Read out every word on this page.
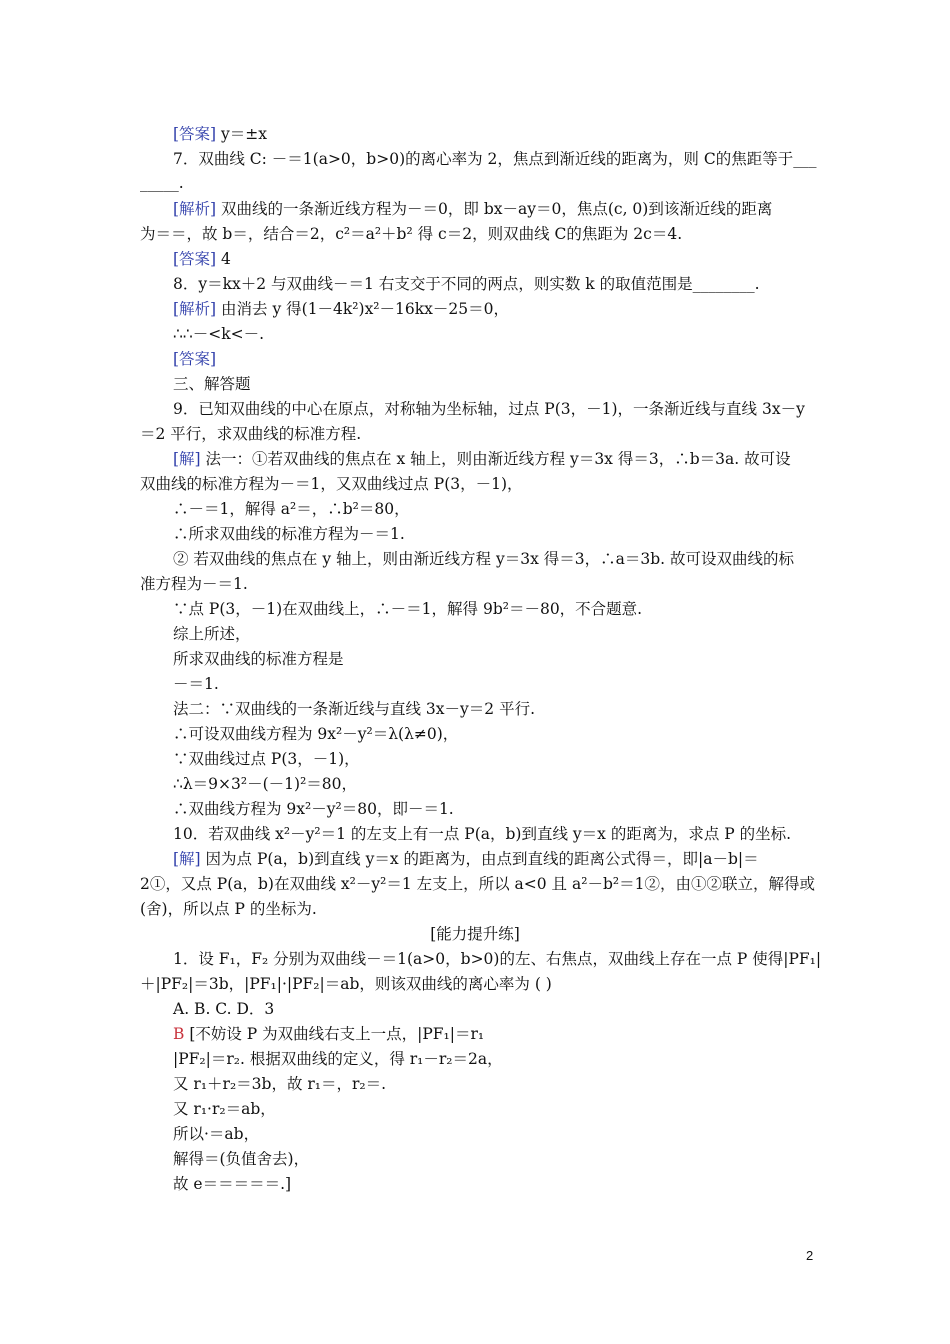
[答案] y＝±x
7．双曲线 C: －＝1(a>0，b>0)的离心率为 2，焦点到渐近线的距离为，则 C的焦距等于___
_____.
[解析] 双曲线的一条渐近线方程为－＝0，即 bx－ay＝0，焦点(c, 0)到该渐近线的距离
为＝＝，故 b＝，结合＝2，c²＝a²＋b² 得 c＝2，则双曲线 C的焦距为 2c＝4.
[答案] 4
8．y＝kx＋2 与双曲线－＝1 右支交于不同的两点，则实数 k 的取值范围是________.
[解析] 由消去 y 得(1－4k²)x²－16kx－25＝0，
∴∴－<k<－.
[答案]
三、解答题
9．已知双曲线的中心在原点，对称轴为坐标轴，过点 P(3，－1)，一条渐近线与直线 3x－y
＝2 平行，求双曲线的标准方程.
[解] 法一：①若双曲线的焦点在 x 轴上，则由渐近线方程 y＝3x 得＝3，∴b＝3a. 故可设
双曲线的标准方程为－＝1，又双曲线过点 P(3，－1)，
∴－＝1，解得 a²＝，∴b²＝80，
∴所求双曲线的标准方程为－＝1.
② 若双曲线的焦点在 y 轴上，则由渐近线方程 y＝3x 得＝3，∴a＝3b. 故可设双曲线的标
准方程为－＝1.
∵点 P(3，－1)在双曲线上，∴－＝1，解得 9b²＝－80，不合题意.
综上所述，
所求双曲线的标准方程是
－＝1.
法二：∵双曲线的一条渐近线与直线 3x－y＝2 平行.
∴可设双曲线方程为 9x²－y²＝λ(λ≠0)，
∵双曲线过点 P(3，－1)，
∴λ＝9×3²－(－1)²＝80，
∴双曲线方程为 9x²－y²＝80，即－＝1.
10．若双曲线 x²－y²＝1 的左支上有一点 P(a，b)到直线 y＝x 的距离为，求点 P 的坐标.
[解] 因为点 P(a，b)到直线 y＝x 的距离为，由点到直线的距离公式得＝，即|a－b|＝
2①，又点 P(a，b)在双曲线 x²－y²＝1 左支上，所以 a<0 且 a²－b²＝1②，由①②联立，解得或
(舍)，所以点 P 的坐标为.
[能力提升练]
1．设 F₁，F₂ 分别为双曲线－＝1(a>0，b>0)的左、右焦点，双曲线上存在一点 P 使得|PF₁|
＋|PF₂|＝3b，|PF₁|·|PF₂|＝ab，则该双曲线的离心率为 ( )
A. B. C. D．3
B [不妨设 P 为双曲线右支上一点，|PF₁|＝r₁
|PF₂|＝r₂. 根据双曲线的定义，得 r₁－r₂＝2a，
又 r₁＋r₂＝3b，故 r₁＝，r₂＝.
又 r₁·r₂＝ab，
所以·＝ab，
解得＝(负值舍去)，
故 e＝＝＝＝＝.]
2
